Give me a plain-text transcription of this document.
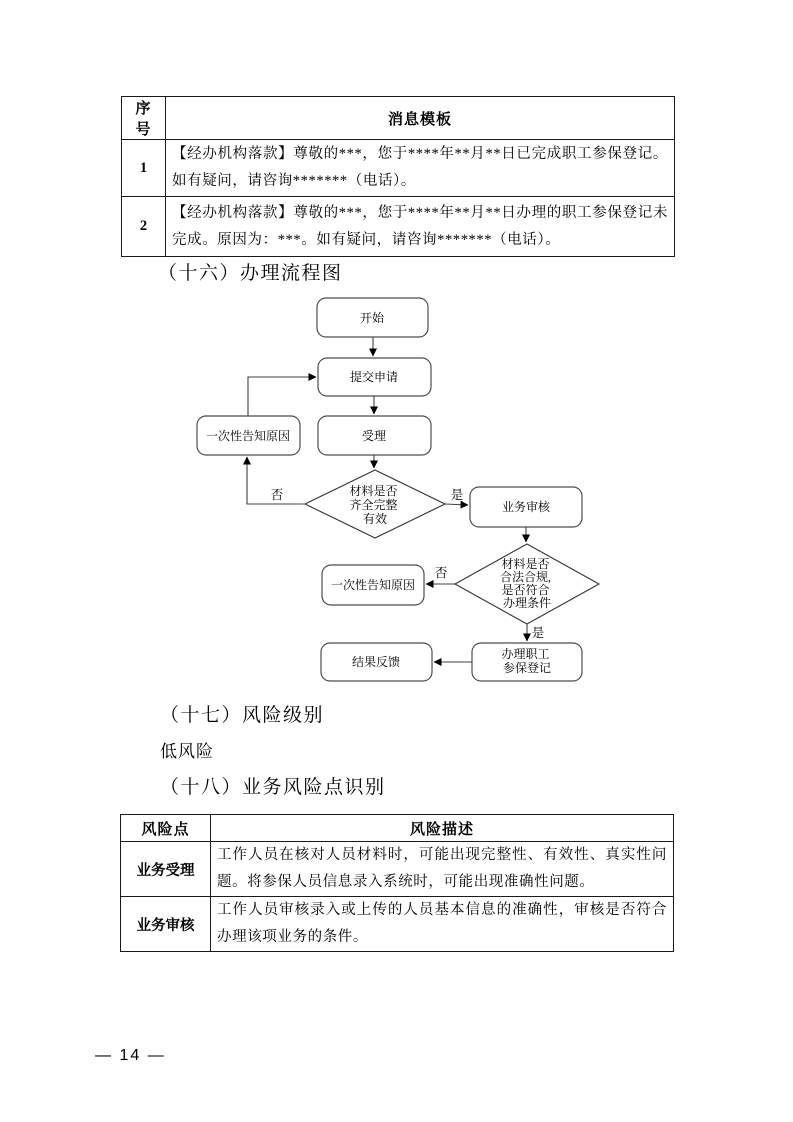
序号	消息模板
1	【经办机构落款】尊敬的***，您于****年**月**日已完成职工参保登记。如有疑问，请咨询*******（电话）。
2	【经办机构落款】尊敬的***，您于****年**月**日办理的职工参保登记未完成。原因为：***。如有疑问，请咨询*******（电话）。
（十六）办理流程图
否	是
否
是
开始
提交申请
受理
一次性告知原因
材料是否 齐全完整 有效
业务审核
材料是否 合法合规, 是否符合 办理条件
一次性告知原因
办理职工 参保登记
结果反馈
（十七）风险级别
低风险
（十八）业务风险点识别
风险点	风险描述
业务受理	工作人员在核对人员材料时，可能出现完整性、有效性、真实性问题。将参保人员信息录入系统时，可能出现准确性问题。
业务审核	工作人员审核录入或上传的人员基本信息的准确性，审核是否符合办理该项业务的条件。
— 14 —
